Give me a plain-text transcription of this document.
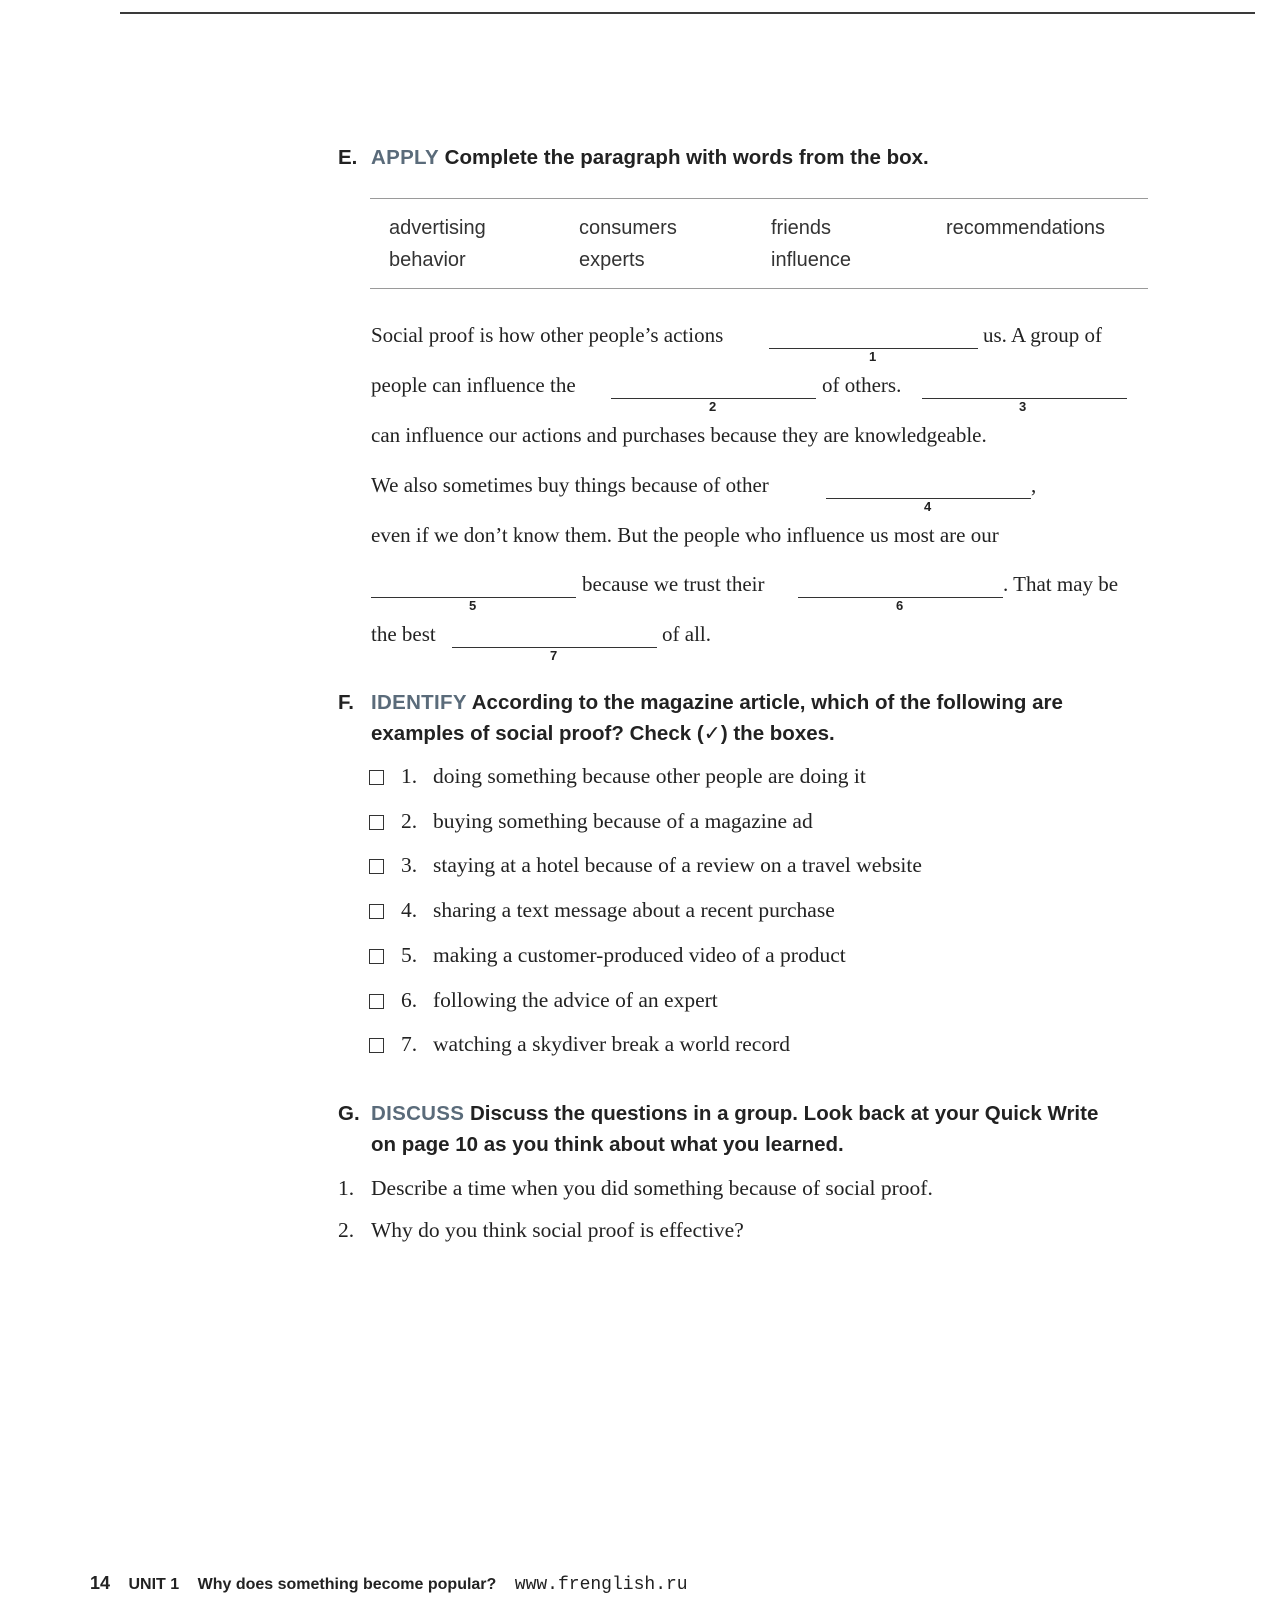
E. APPLY Complete the paragraph with words from the box.
advertising	consumers	friends	recommendations
behavior	experts	influence
Social proof is how other people’s actions
1
us. A group of
people can influence the
2
of others.
3
can influence our actions and purchases because they are knowledgeable.
We also sometimes buy things because of other
4
,
even if we don’t know them. But the people who influence us most are our
5
because we trust their
6
. That may be
the best
7
of all.
F. IDENTIFY According to the magazine article, which of the following are
examples of social proof? Check (✓) the boxes.
1. doing something because other people are doing it
2. buying something because of a magazine ad
3. staying at a hotel because of a review on a travel website
4. sharing a text message about a recent purchase
5. making a customer-produced video of a product
6. following the advice of an expert
7. watching a skydiver break a world record
G. DISCUSS Discuss the questions in a group. Look back at your Quick Write
on page 10 as you think about what you learned.
1. Describe a time when you did something because of social proof.
2. Why do you think social proof is effective?
14 UNIT 1 Why does something become popular? www.frenglish.ru
